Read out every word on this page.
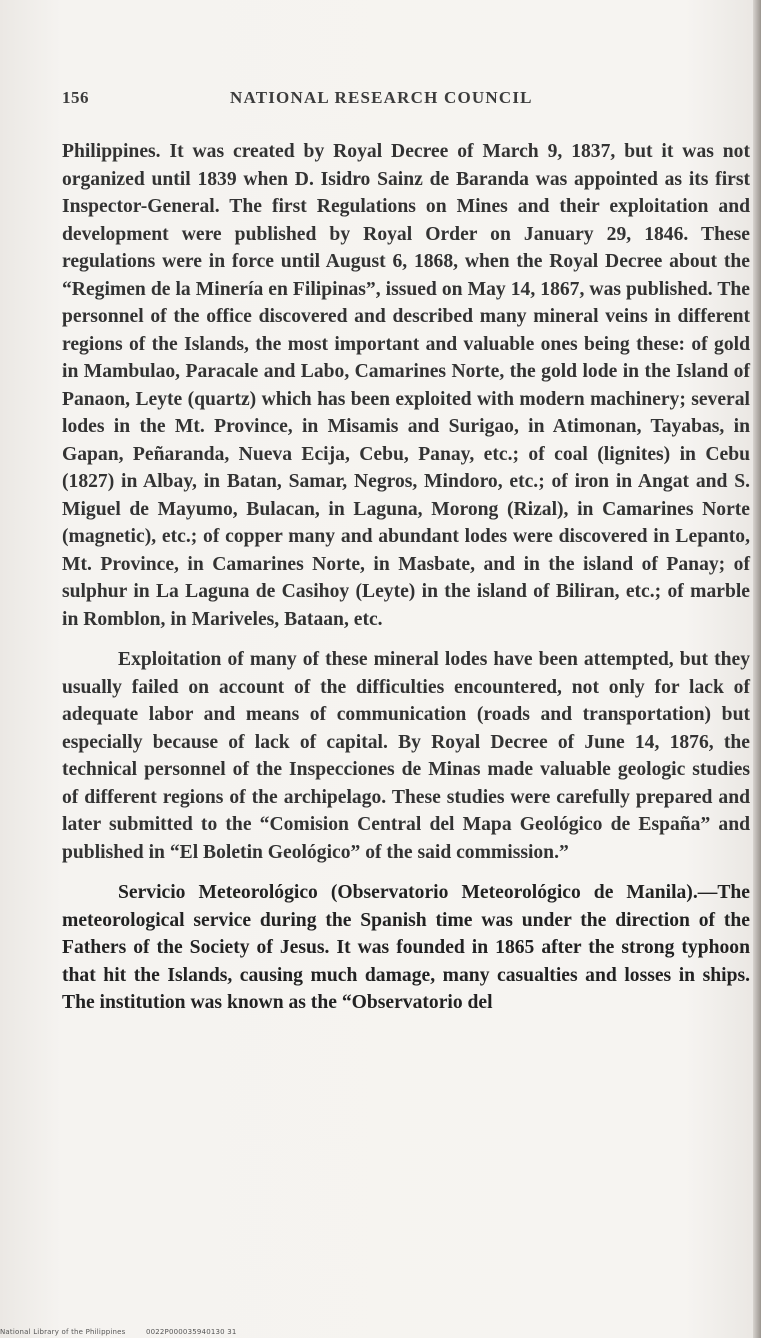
156	NATIONAL RESEARCH COUNCIL

Philippines. It was created by Royal Decree of March 9, 1837, but it was not organized until 1839 when D. Isidro Sainz de Baranda was appointed as its first Inspector-General. The first Regulations on Mines and their exploitation and development were published by Royal Order on January 29, 1846. These regulations were in force until August 6, 1868, when the Royal Decree about the “Regimen de la Minería en Filipinas”, issued on May 14, 1867, was published. The personnel of the office discovered and described many mineral veins in different regions of the Islands, the most important and valuable ones being these: of gold in Mambulao, Paracale and Labo, Camarines Norte, the gold lode in the Island of Panaon, Leyte (quartz) which has been exploited with modern machinery; several lodes in the Mt. Province, in Misamis and Surigao, in Atimonan, Tayabas, in Gapan, Peñaranda, Nueva Ecija, Cebu, Panay, etc.; of coal (lignites) in Cebu (1827) in Albay, in Batan, Samar, Negros, Mindoro, etc.; of iron in Angat and S. Miguel de Mayumo, Bulacan, in Laguna, Morong (Rizal), in Camarines Norte (magnetic), etc.; of copper many and abundant lodes were discovered in Lepanto, Mt. Province, in Camarines Norte, in Masbate, and in the island of Panay; of sulphur in La Laguna de Casihoy (Leyte) in the island of Biliran, etc.; of marble in Romblon, in Mariveles, Bataan, etc.

Exploitation of many of these mineral lodes have been attempted, but they usually failed on account of the difficulties encountered, not only for lack of adequate labor and means of communication (roads and transportation) but especially because of lack of capital. By Royal Decree of June 14, 1876, the technical personnel of the Inspecciones de Minas made valuable geologic studies of different regions of the archipelago. These studies were carefully prepared and later submitted to the “Comision Central del Mapa Geológico de España” and published in “El Boletin Geológico” of the said commission.”

Servicio Meteorológico (Observatorio Meteorológico de Manila).—The meteorological service during the Spanish time was under the direction of the Fathers of the Society of Jesus. It was founded in 1865 after the strong typhoon that hit the Islands, causing much damage, many casualties and losses in ships. The institution was known as the “Observatorio del

National Library of the Philippines	0022P000035940130 31
